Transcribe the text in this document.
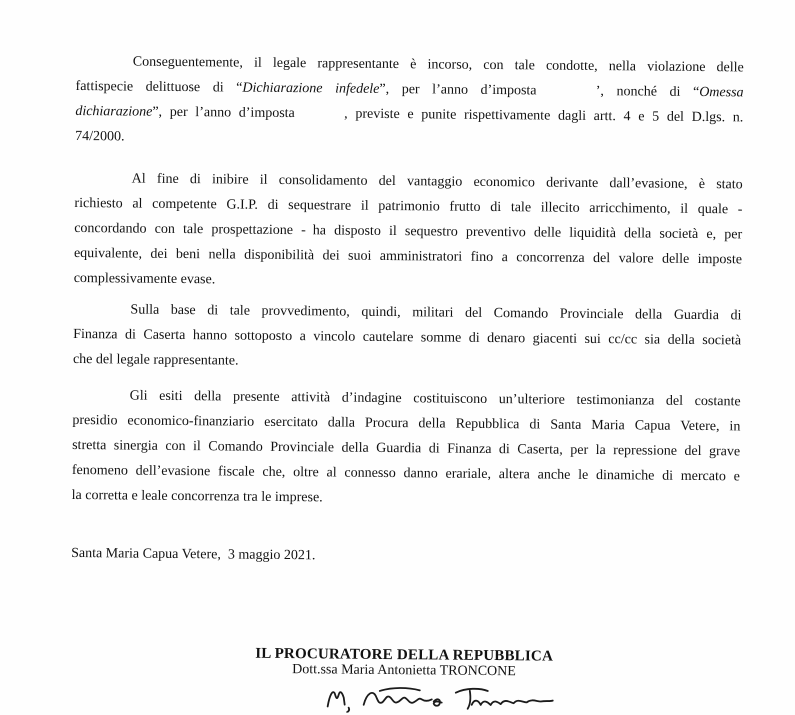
Conseguentemente, il legale rappresentante è incorso, con tale condotte, nella violazione delle
fattispecie delittuose di “Dichiarazione infedele”, per l’anno d’imposta	’, nonché di “Omessa
dichiarazione”, per l’anno d’imposta	, previste e punite rispettivamente dagli artt. 4 e 5 del D.lgs. n.
74/2000.
Al fine di inibire il consolidamento del vantaggio economico derivante dall’evasione, è stato
richiesto al competente G.I.P. di sequestrare il patrimonio frutto di tale illecito arricchimento, il quale -
concordando con tale prospettazione - ha disposto il sequestro preventivo delle liquidità della società e, per
equivalente, dei beni nella disponibilità dei suoi amministratori fino a concorrenza del valore delle imposte
complessivamente evase.
Sulla base di tale provvedimento, quindi, militari del Comando Provinciale della Guardia di
Finanza di Caserta hanno sottoposto a vincolo cautelare somme di denaro giacenti sui cc/cc sia della società
che del legale rappresentante.
Gli esiti della presente attività d’indagine costituiscono un’ulteriore testimonianza del costante
presidio economico-finanziario esercitato dalla Procura della Repubblica di Santa Maria Capua Vetere, in
stretta sinergia con il Comando Provinciale della Guardia di Finanza di Caserta, per la repressione del grave
fenomeno dell’evasione fiscale che, oltre al connesso danno erariale, altera anche le dinamiche di mercato e
la corretta e leale concorrenza tra le imprese.
Santa Maria Capua Vetere, 3 maggio 2021.
IL PROCURATORE DELLA REPUBBLICA
Dott.ssa Maria Antonietta TRONCONE
